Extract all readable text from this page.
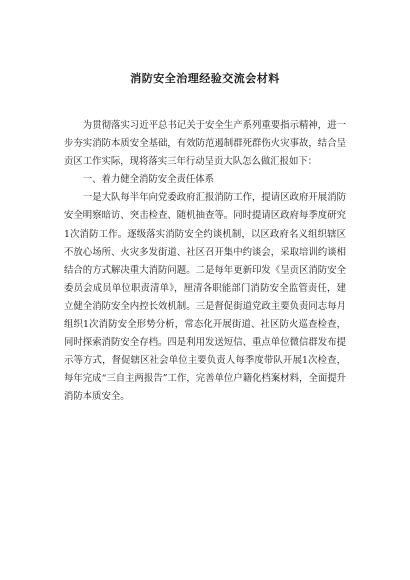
消防安全治理经验交流会材料

为贯彻落实习近平总书记关于安全生产系列重要指示精神，进一步夯实消防本质安全基础，有效防范遏制群死群伤火灾事故，结合呈贡区工作实际，现将落实三年行动呈贡大队怎么做汇报如下：

一、着力健全消防安全责任体系

一是大队每半年向党委政府汇报消防工作，提请区政府开展消防安全明察暗访、突击检查、随机抽查等。同时提请区政府每季度研究1次消防工作。逐级落实消防安全约谈机制，以区政府名义组织辖区不放心场所、火灾多发街道、社区召开集中约谈会，采取培训约谈相结合的方式解决重大消防问题。二是每年更新印发《呈贡区消防安全委员会成员单位职责清单》，厘清各职能部门消防安全监管责任，建立健全消防安全内控长效机制。三是督促街道党政主要负责同志每月组织1次消防安全形势分析，常态化开展街道、社区防火巡查检查，同时探索消防安全存档。四是利用发送短信、重点单位微信群发布提示等方式，督促辖区社会单位主要负责人每季度带队开展1次检查，每年完成“三自主两报告”工作，完善单位户籍化档案材料，全面提升消防本质安全。
